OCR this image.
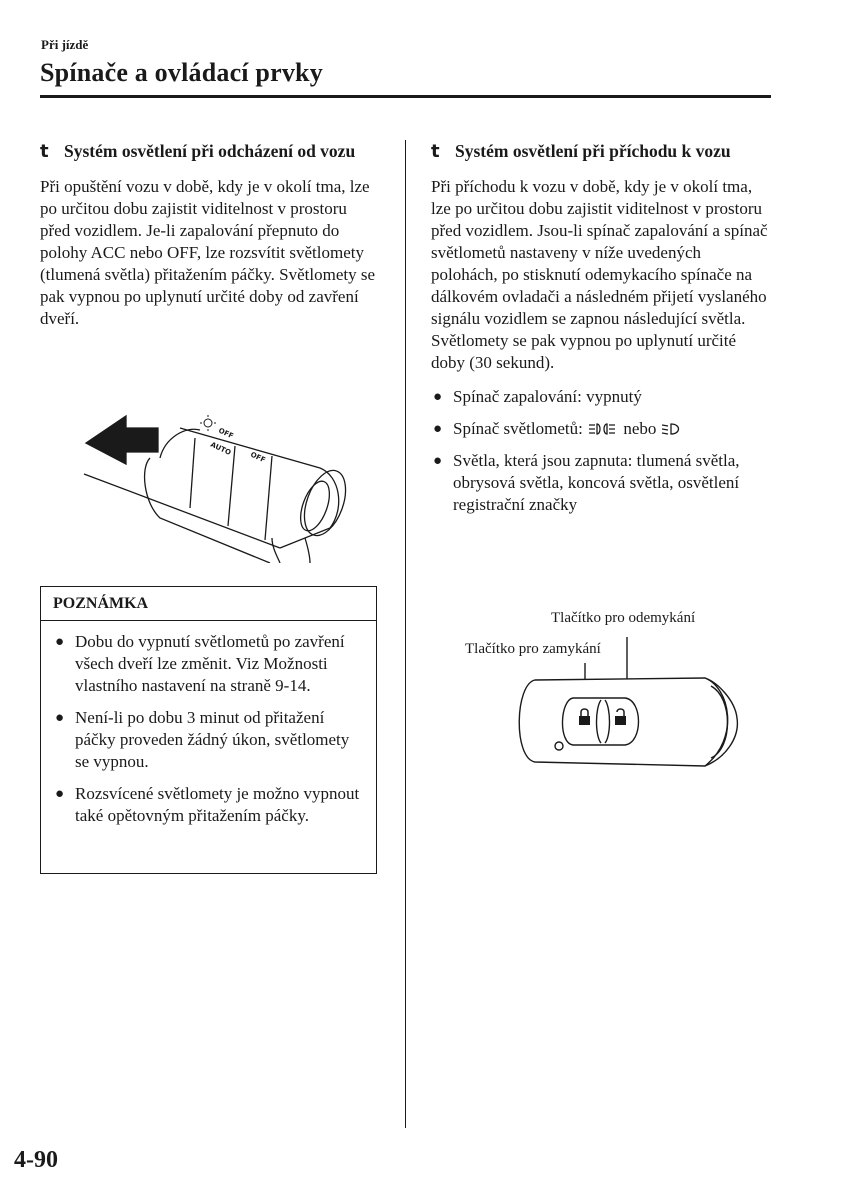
Při jízdě
Spínače a ovládací prvky
t Systém osvětlení při odcházení od vozu
Při opuštění vozu v době, kdy je v okolí tma, lze po určitou dobu zajistit viditelnost v prostoru před vozidlem. Je-li zapalování přepnuto do polohy ACC nebo OFF, lze rozsvítit světlomety (tlumená světla) přitažením páčky. Světlomety se pak vypnou po uplynutí určité doby od zavření dveří.
OFF
AUTO
OFF
POZNÁMKA
● Dobu do vypnutí světlometů po zavření všech dveří lze změnit. Viz Možnosti vlastního nastavení na straně 9-14.
● Není-li po dobu 3 minut od přitažení páčky proveden žádný úkon, světlomety se vypnou.
● Rozsvícené světlomety je možno vypnout také opětovným přitažením páčky.
t Systém osvětlení při příchodu k vozu
Při příchodu k vozu v době, kdy je v okolí tma, lze po určitou dobu zajistit viditelnost v prostoru před vozidlem. Jsou-li spínač zapalování a spínač světlometů nastaveny v níže uvedených polohách, po stisknutí odemykacího spínače na dálkovém ovladači a následném přijetí vyslaného signálu vozidlem se zapnou následující světla. Světlomety se pak vypnou po uplynutí určité doby (30 sekund).
● Spínač zapalování: vypnutý
● Spínač světlometů: nebo
● Světla, která jsou zapnuta: tlumená světla, obrysová světla, koncová světla, osvětlení registrační značky
Tlačítko pro odemykání
Tlačítko pro zamykání
4-90
